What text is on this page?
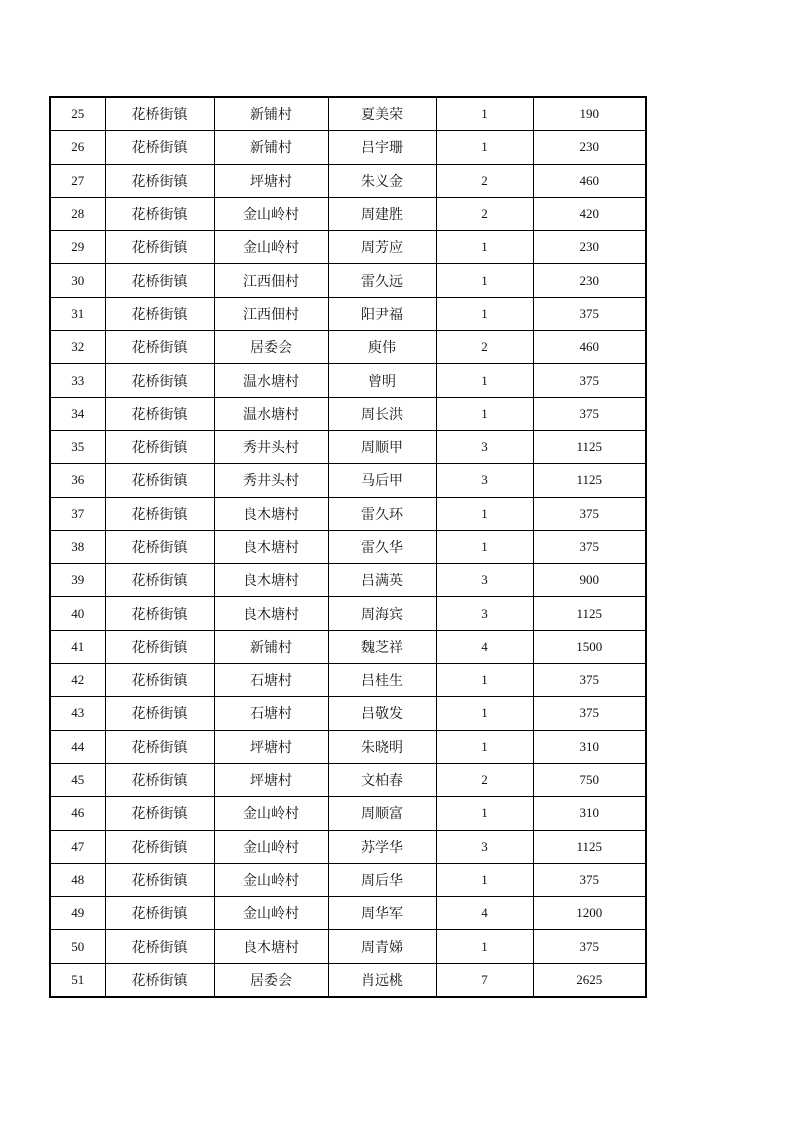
25	花桥街镇	新铺村	夏美荣	1	190
26	花桥街镇	新铺村	吕宇珊	1	230
27	花桥街镇	坪塘村	朱义金	2	460
28	花桥街镇	金山岭村	周建胜	2	420
29	花桥街镇	金山岭村	周芳应	1	230
30	花桥街镇	江西佃村	雷久远	1	230
31	花桥街镇	江西佃村	阳尹福	1	375
32	花桥街镇	居委会	庾伟	2	460
33	花桥街镇	温水塘村	曾明	1	375
34	花桥街镇	温水塘村	周长洪	1	375
35	花桥街镇	秀井头村	周顺甲	3	1125
36	花桥街镇	秀井头村	马后甲	3	1125
37	花桥街镇	良木塘村	雷久环	1	375
38	花桥街镇	良木塘村	雷久华	1	375
39	花桥街镇	良木塘村	吕满英	3	900
40	花桥街镇	良木塘村	周海宾	3	1125
41	花桥街镇	新铺村	魏芝祥	4	1500
42	花桥街镇	石塘村	吕桂生	1	375
43	花桥街镇	石塘村	吕敬发	1	375
44	花桥街镇	坪塘村	朱晓明	1	310
45	花桥街镇	坪塘村	文柏春	2	750
46	花桥街镇	金山岭村	周顺富	1	310
47	花桥街镇	金山岭村	苏学华	3	1125
48	花桥街镇	金山岭村	周后华	1	375
49	花桥街镇	金山岭村	周华军	4	1200
50	花桥街镇	良木塘村	周青娣	1	375
51	花桥街镇	居委会	肖远桃	7	2625
